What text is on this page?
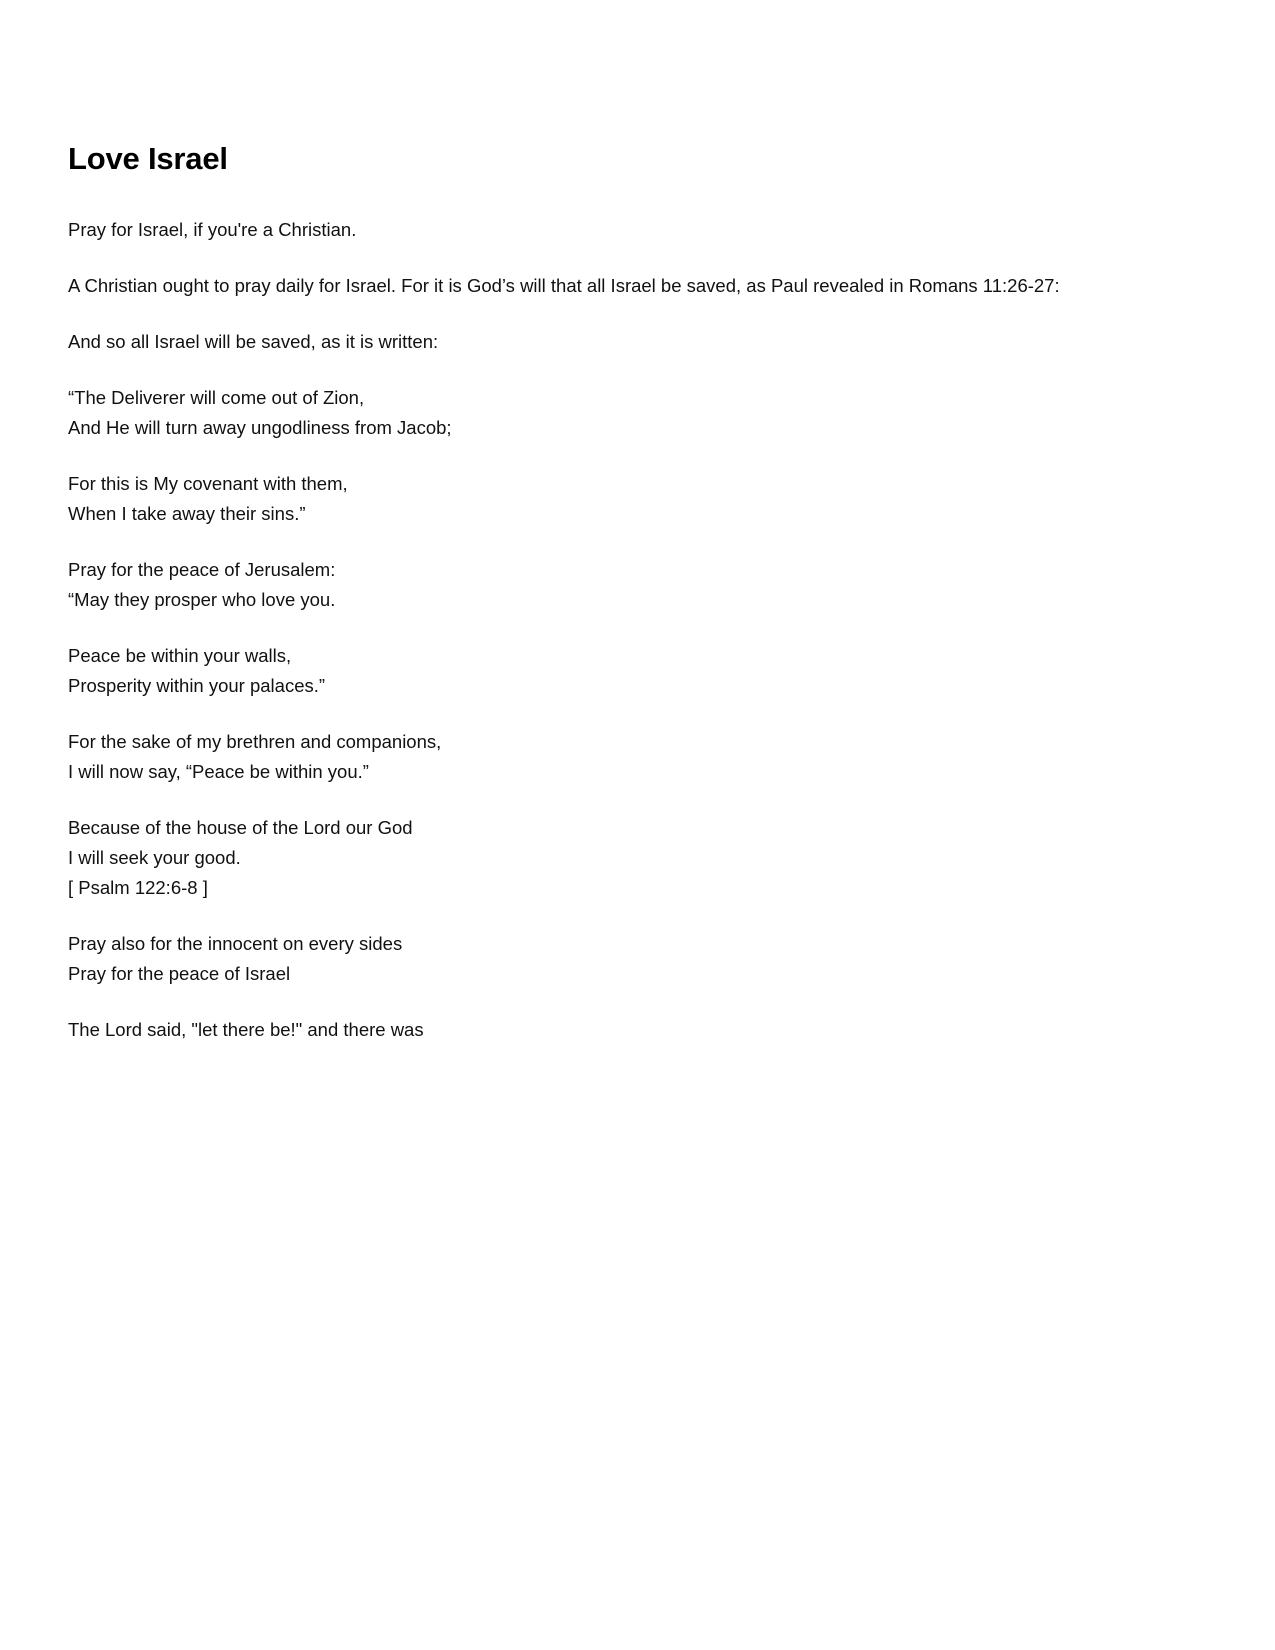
Love Israel
Pray for Israel, if you're a Christian.
A Christian ought to pray daily for Israel. For it is God’s will that all Israel be saved, as Paul revealed in Romans 11:26-27:
And so all Israel will be saved, as it is written:
“The Deliverer will come out of Zion,
And He will turn away ungodliness from Jacob;
For this is My covenant with them,
When I take away their sins.”
Pray for the peace of Jerusalem:
“May they prosper who love you.
Peace be within your walls,
Prosperity within your palaces.”
For the sake of my brethren and companions,
I will now say, “Peace be within you.”
Because of the house of the Lord our God
I will seek your good.
[ Psalm 122:6-8 ]
Pray also for the innocent on every sides
Pray for the peace of Israel
The Lord said, "let there be!" and there was
